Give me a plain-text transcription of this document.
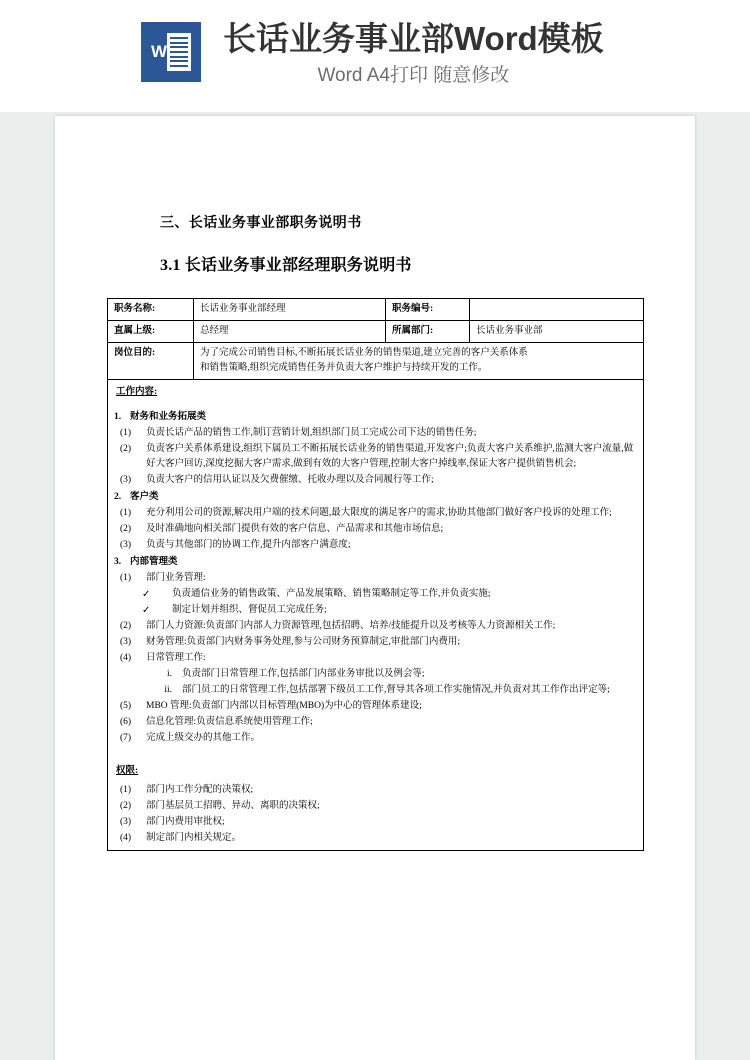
W 长话业务事业部Word模板
Word A4打印 随意修改
三、长话业务事业部职务说明书
3.1 长话业务事业部经理职务说明书
职务名称:	长话业务事业部经理	职务编号:	
直属上级:	总经理	所属部门:	长话业务事业部
岗位目的:	为了完成公司销售目标,不断拓展长话业务的销售渠道,建立完善的客户关系体系
和销售策略,组织完成销售任务并负责大客户维护与持续开发的工作。		

工作内容:
1. 财务和业务拓展类
(1)	负责长话产品的销售工作,制订营销计划,组织部门员工完成公司下达的销售任务;
(2)	负责客户关系体系建设,组织下属员工不断拓展长话业务的销售渠道,开发客户;负责大客户关系维护,监测大客户流量,做好大客户回访,深度挖掘大客户需求,做到有效的大客户管理,控制大客户掉线率,保证大客户提供销售机会;
(3)	负责大客户的信用认证以及欠费催缴、托收办理以及合同履行等工作;
2. 客户类
(1)	充分利用公司的资源,解决用户端的技术问题,最大限度的满足客户的需求,协助其他部门做好客户投诉的处理工作;
(2)	及时准确地向相关部门提供有效的客户信息、产品需求和其他市场信息;
(3)	负责与其他部门的协调工作,提升内部客户满意度;
3. 内部管理类
(1)	部门业务管理:
✓	负责通信业务的销售政策、产品发展策略、销售策略制定等工作,并负责实施;
✓	制定计划并组织、督促员工完成任务;
(2)	部门人力资源:负责部门内部人力资源管理,包括招聘、培养/技能提升以及考核等人力资源相关工作;
(3)	财务管理:负责部门内财务事务处理,参与公司财务预算制定,审批部门内费用;
(4)	日常管理工作:
i.	负责部门日常管理工作,包括部门内部业务审批以及例会等;
ii.	部门员工的日常管理工作,包括部署下级员工工作,督导其各项工作实施情况,并负责对其工作作出评定等;
(5)	MBO 管理:负责部门内部以目标管理(MBO)为中心的管理体系建设;
(6)	信息化管理:负责信息系统使用管理工作;
(7)	完成上级交办的其他工作。
权限:
(1)	部门内工作分配的决策权;
(2)	部门基层员工招聘、异动、离职的决策权;
(3)	部门内费用审批权;
(4)	制定部门内相关规定。
